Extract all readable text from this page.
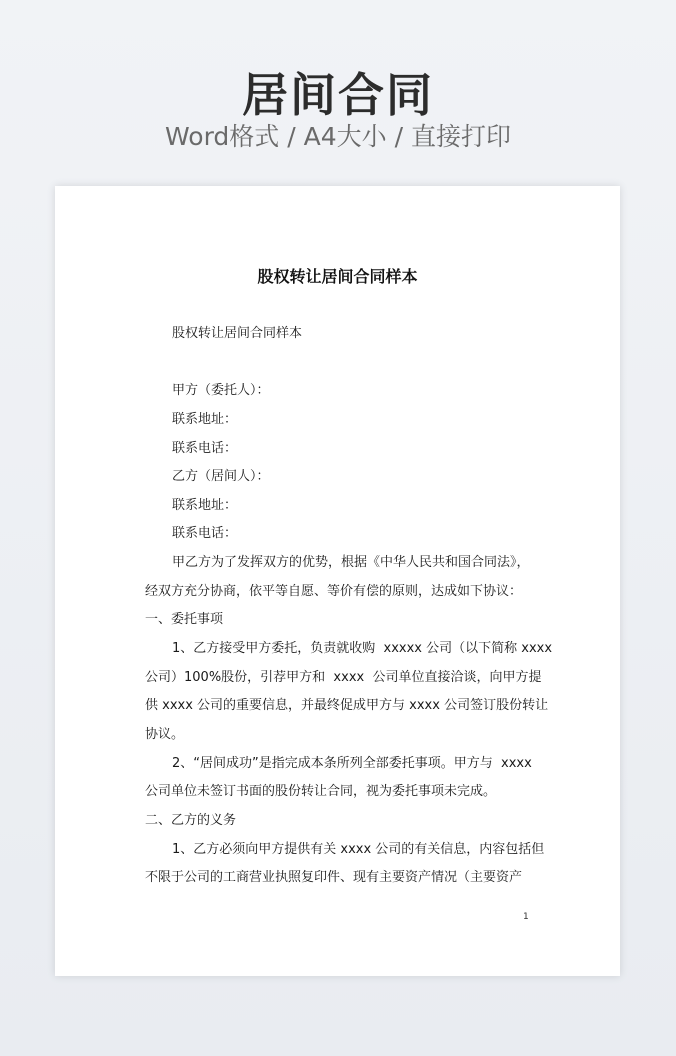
居间合同
Word格式 / A4大小 / 直接打印
股权转让居间合同样本
股权转让居间合同样本
甲方（委托人）：
联系地址：
联系电话：
乙方（居间人）：
联系地址：
联系电话：
甲乙方为了发挥双方的优势，根据《中华人民共和国合同法》，
经双方充分协商，依平等自愿、等价有偿的原则，达成如下协议：
一、委托事项
1、乙方接受甲方委托，负责就收购  xxxxx 公司（以下简称 xxxx
公司）100%股份，引荐甲方和  xxxx  公司单位直接洽谈，向甲方提
供 xxxx 公司的重要信息，并最终促成甲方与 xxxx 公司签订股份转让
协议。
2、“居间成功”是指完成本条所列全部委托事项。甲方与  xxxx
公司单位未签订书面的股份转让合同，视为委托事项未完成。
二、乙方的义务
1、乙方必须向甲方提供有关 xxxx 公司的有关信息，内容包括但
不限于公司的工商营业执照复印件、现有主要资产情况（主要资产
1
